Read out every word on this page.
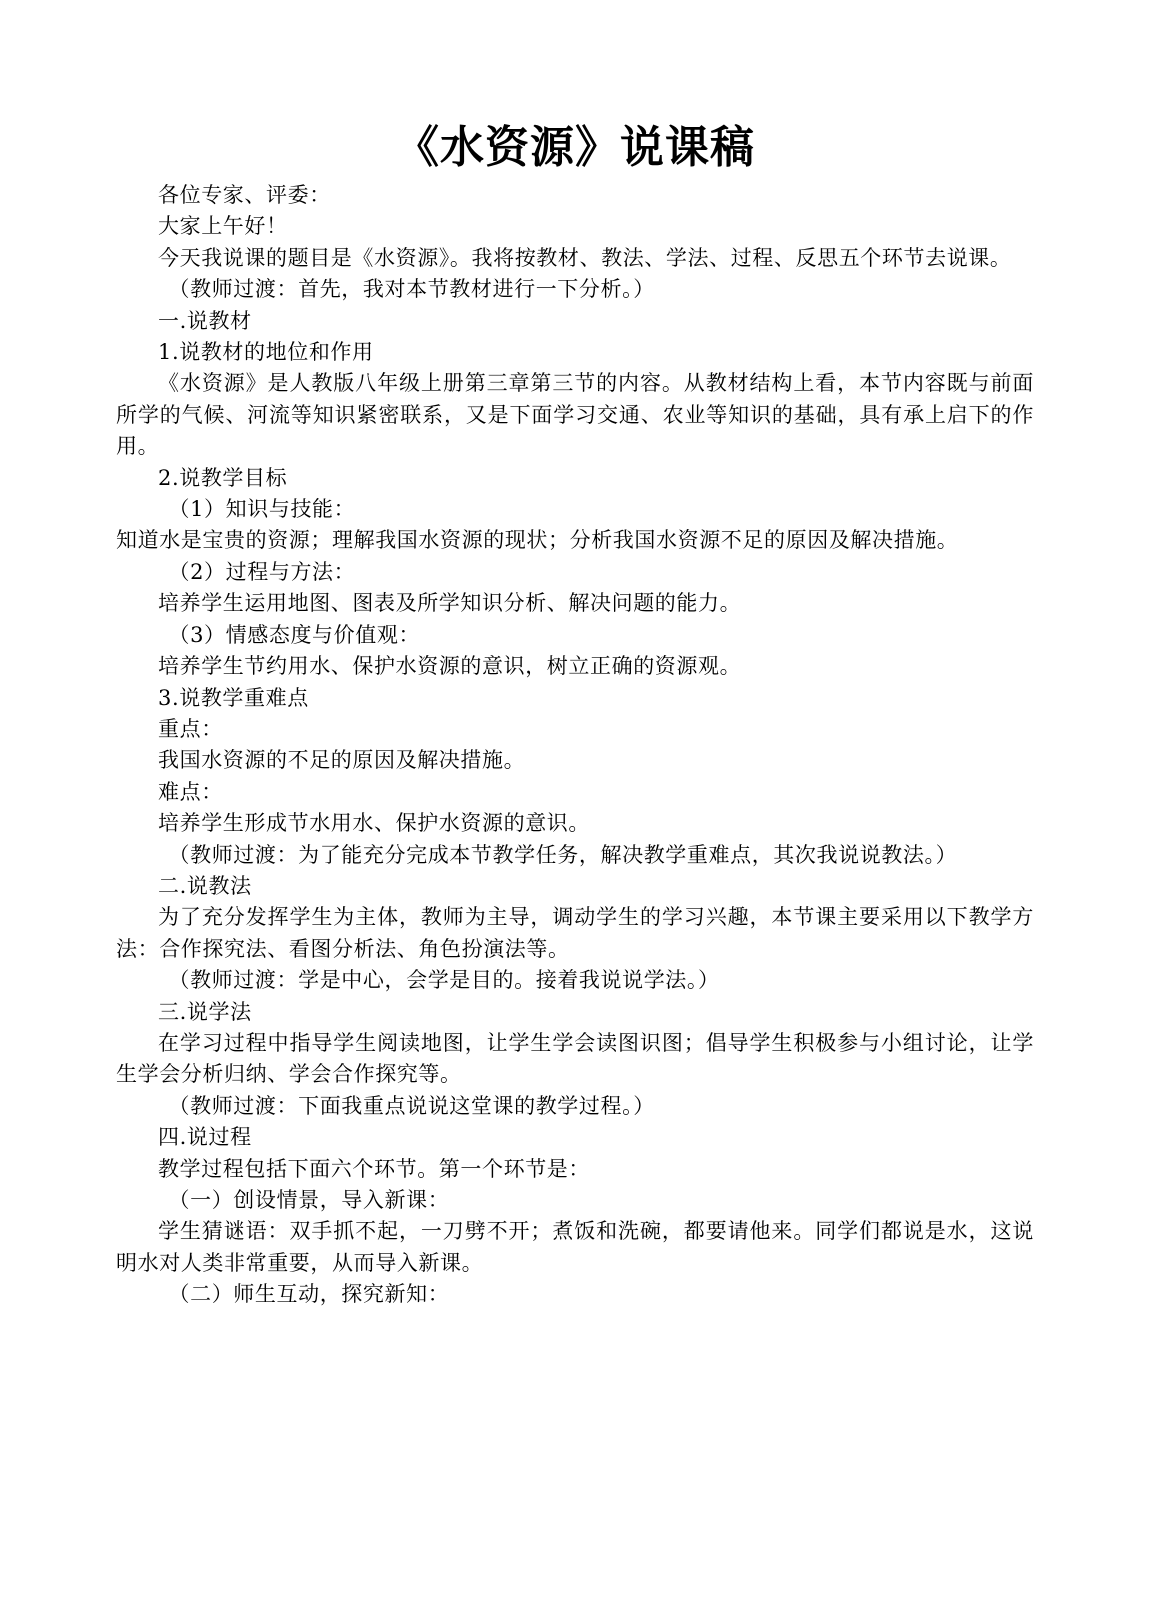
《水资源》说课稿

各位专家、评委：

大家上午好！

今天我说课的题目是《水资源》。我将按教材、教法、学法、过程、反思五个环节去说课。

（教师过渡：首先，我对本节教材进行一下分析。）

一.说教材

1.说教材的地位和作用

《水资源》是人教版八年级上册第三章第三节的内容。从教材结构上看，本节内容既与前面所学的气候、河流等知识紧密联系，又是下面学习交通、农业等知识的基础，具有承上启下的作用。

2.说教学目标

（1）知识与技能：

知道水是宝贵的资源；理解我国水资源的现状；分析我国水资源不足的原因及解决措施。

（2）过程与方法：

培养学生运用地图、图表及所学知识分析、解决问题的能力。

（3）情感态度与价值观：

培养学生节约用水、保护水资源的意识，树立正确的资源观。

3.说教学重难点

重点：

我国水资源的不足的原因及解决措施。

难点：

培养学生形成节水用水、保护水资源的意识。

（教师过渡：为了能充分完成本节教学任务，解决教学重难点，其次我说说教法。）

二.说教法

为了充分发挥学生为主体，教师为主导，调动学生的学习兴趣，本节课主要采用以下教学方法：合作探究法、看图分析法、角色扮演法等。

（教师过渡：学是中心，会学是目的。接着我说说学法。）

三.说学法

在学习过程中指导学生阅读地图，让学生学会读图识图；倡导学生积极参与小组讨论，让学生学会分析归纳、学会合作探究等。

（教师过渡：下面我重点说说这堂课的教学过程。）

四.说过程

教学过程包括下面六个环节。第一个环节是：

（一）创设情景，导入新课：

学生猜谜语：双手抓不起，一刀劈不开；煮饭和洗碗，都要请他来。同学们都说是水，这说明水对人类非常重要，从而导入新课。

（二）师生互动，探究新知：
